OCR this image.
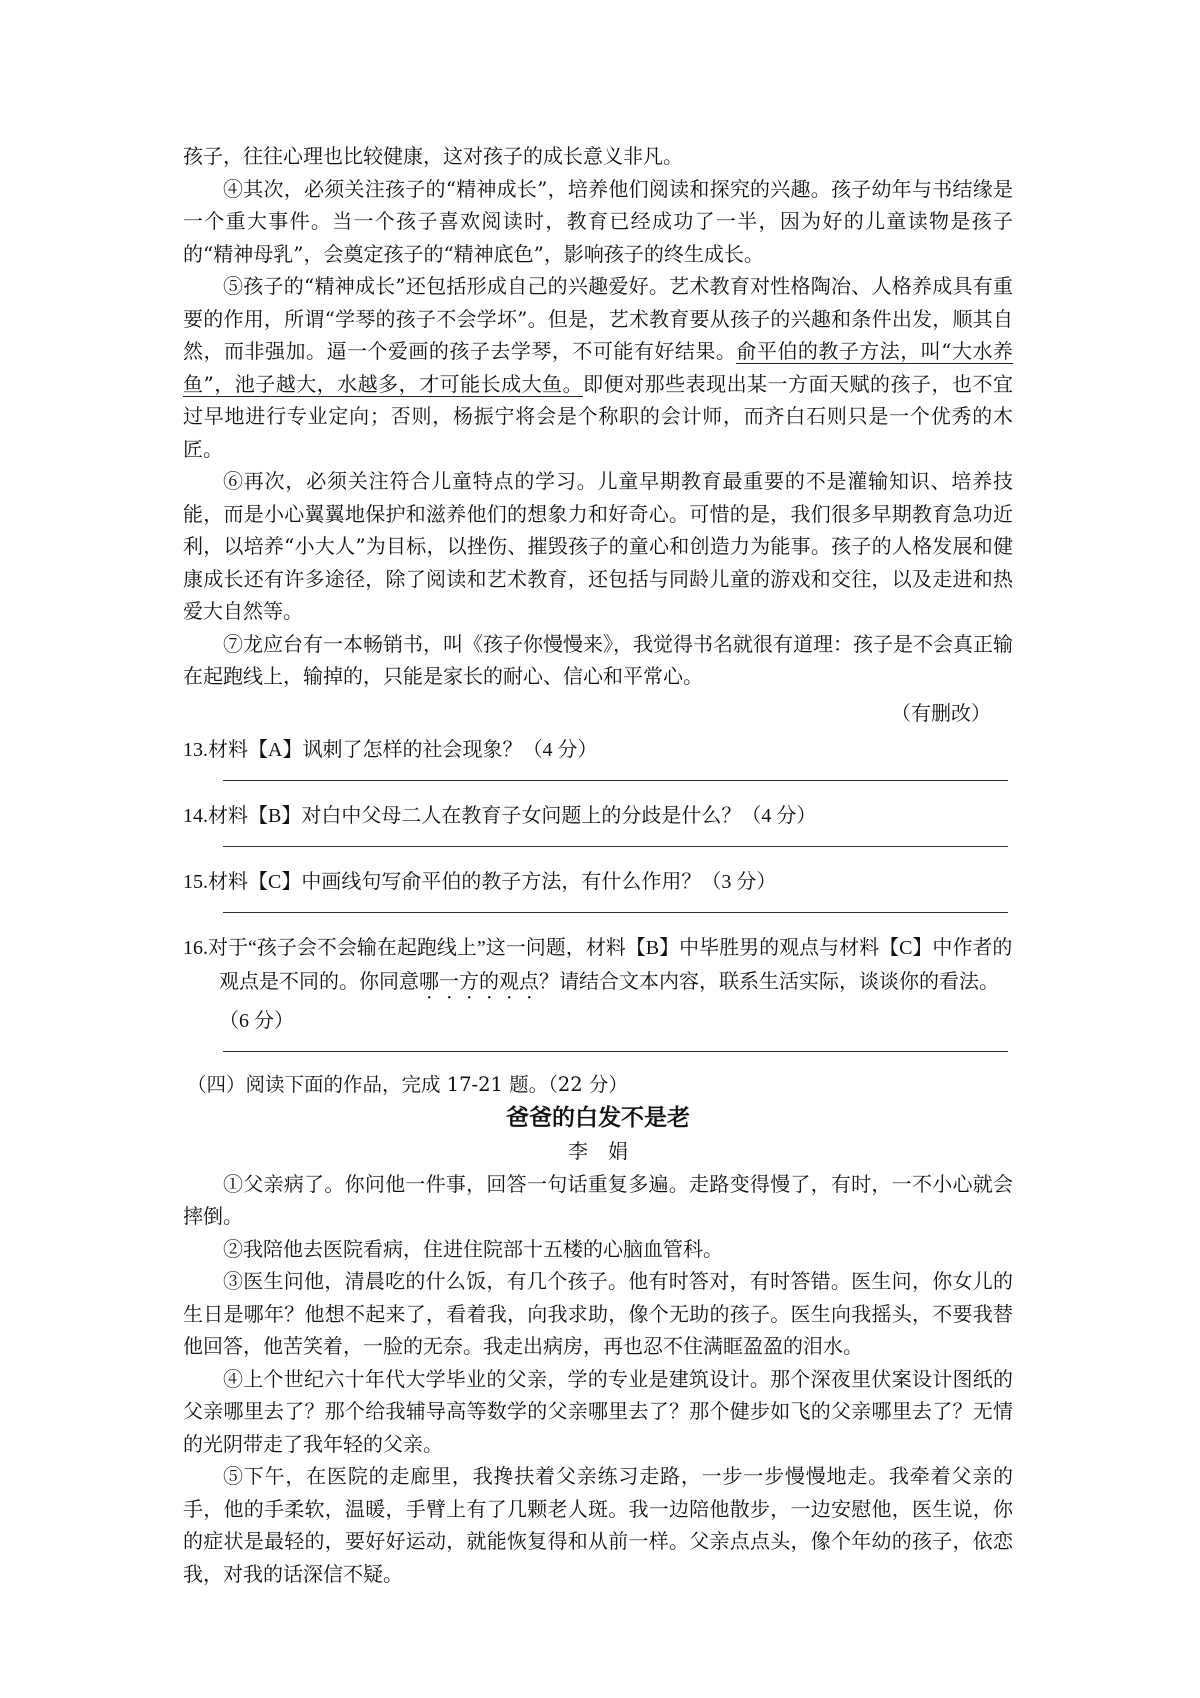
孩子，往往心理也比较健康，这对孩子的成长意义非凡。

④其次，必须关注孩子的“精神成长”，培养他们阅读和探究的兴趣。孩子幼年与书结缘是一个重大事件。当一个孩子喜欢阅读时，教育已经成功了一半，因为好的儿童读物是孩子的“精神母乳”，会奠定孩子的“精神底色”，影响孩子的终生成长。

⑤孩子的“精神成长”还包括形成自己的兴趣爱好。艺术教育对性格陶冶、人格养成具有重要的作用，所谓“学琴的孩子不会学坏”。但是，艺术教育要从孩子的兴趣和条件出发，顺其自然，而非强加。逼一个爱画的孩子去学琴，不可能有好结果。俞平伯的教子方法，叫“大水养鱼”，池子越大，水越多，才可能长成大鱼。即便对那些表现出某一方面天赋的孩子，也不宜过早地进行专业定向；否则，杨振宁将会是个称职的会计师，而齐白石则只是一个优秀的木匠。

⑥再次，必须关注符合儿童特点的学习。儿童早期教育最重要的不是灌输知识、培养技能，而是小心翼翼地保护和滋养他们的想象力和好奇心。可惜的是，我们很多早期教育急功近利，以培养“小大人”为目标，以挫伤、摧毁孩子的童心和创造力为能事。孩子的人格发展和健康成长还有许多途径，除了阅读和艺术教育，还包括与同龄儿童的游戏和交往，以及走进和热爱大自然等。

⑦龙应台有一本畅销书，叫《孩子你慢慢来》，我觉得书名就很有道理：孩子是不会真正输在起跑线上，输掉的，只能是家长的耐心、信心和平常心。

（有删改）

13.材料【A】讽刺了怎样的社会现象？（4 分）

14.材料【B】对白中父母二人在教育子女问题上的分歧是什么？（4 分）

15.材料【C】中画线句写俞平伯的教子方法，有什么作用？（3 分）

16.对于“孩子会不会输在起跑线上”这一问题，材料【B】中毕胜男的观点与材料【C】中作者的观点是不同的。你同意哪一方的观点？请结合文本内容，联系生活实际，谈谈你的看法。（6 分）

（四）阅读下面的作品，完成 17-21 题。（22 分）

爸爸的白发不是老

李娟

①父亲病了。你问他一件事，回答一句话重复多遍。走路变得慢了，有时，一不小心就会摔倒。

②我陪他去医院看病，住进住院部十五楼的心脑血管科。

③医生问他，清晨吃的什么饭，有几个孩子。他有时答对，有时答错。医生问，你女儿的生日是哪年？他想不起来了，看着我，向我求助，像个无助的孩子。医生向我摇头，不要我替他回答，他苦笑着，一脸的无奈。我走出病房，再也忍不住满眶盈盈的泪水。

④上个世纪六十年代大学毕业的父亲，学的专业是建筑设计。那个深夜里伏案设计图纸的父亲哪里去了？那个给我辅导高等数学的父亲哪里去了？那个健步如飞的父亲哪里去了？无情的光阴带走了我年轻的父亲。

⑤下午，在医院的走廊里，我搀扶着父亲练习走路，一步一步慢慢地走。我牵着父亲的手，他的手柔软，温暖，手臂上有了几颗老人斑。我一边陪他散步，一边安慰他，医生说，你的症状是最轻的，要好好运动，就能恢复得和从前一样。父亲点点头，像个年幼的孩子，依恋我，对我的话深信不疑。
